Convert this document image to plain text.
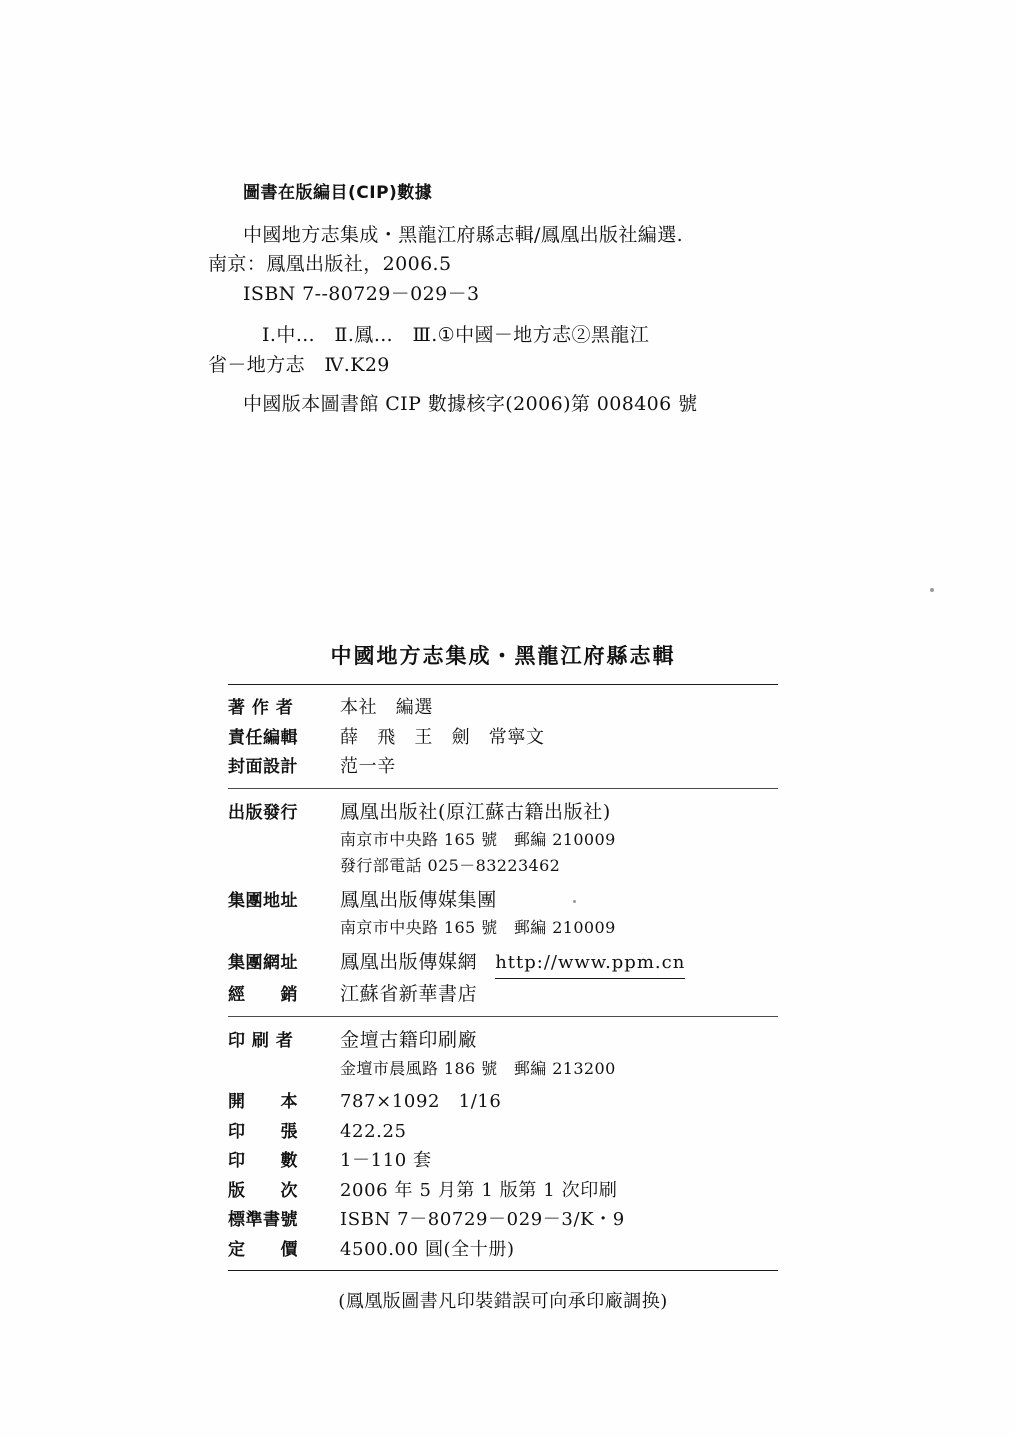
圖書在版編目(CIP)數據
中國地方志集成・黑龍江府縣志輯/鳳凰出版社編選.
南京：鳳凰出版社，2006.5
ISBN 7--80729－029－3
Ⅰ.中…　Ⅱ.鳳…　Ⅲ.①中國－地方志②黑龍江
省－地方志　Ⅳ.K29
中國版本圖書館 CIP 數據核字(2006)第 008406 號
中國地方志集成・黑龍江府縣志輯
著 作 者	本社　編選
責任編輯	薛　飛　王　劍　常寧文
封面設計	范一辛
出版發行	鳳凰出版社(原江蘇古籍出版社)
南京市中央路 165 號　郵編 210009
發行部電話 025－83223462
集團地址	鳳凰出版傳媒集團
南京市中央路 165 號　郵編 210009
集團網址	鳳凰出版傳媒網 http://www.ppm.cn
經　　銷	江蘇省新華書店
印 刷 者	金壇古籍印刷廠
金壇市晨風路 186 號　郵編 213200
開　　本	787×1092　1/16
印　　張	422.25
印　　數	1－110 套
版　　次	2006 年 5 月第 1 版第 1 次印刷
標準書號	ISBN 7－80729－029－3/K・9
定　　價	4500.00 圓(全十册)
(鳳凰版圖書凡印裝錯誤可向承印廠調换)
